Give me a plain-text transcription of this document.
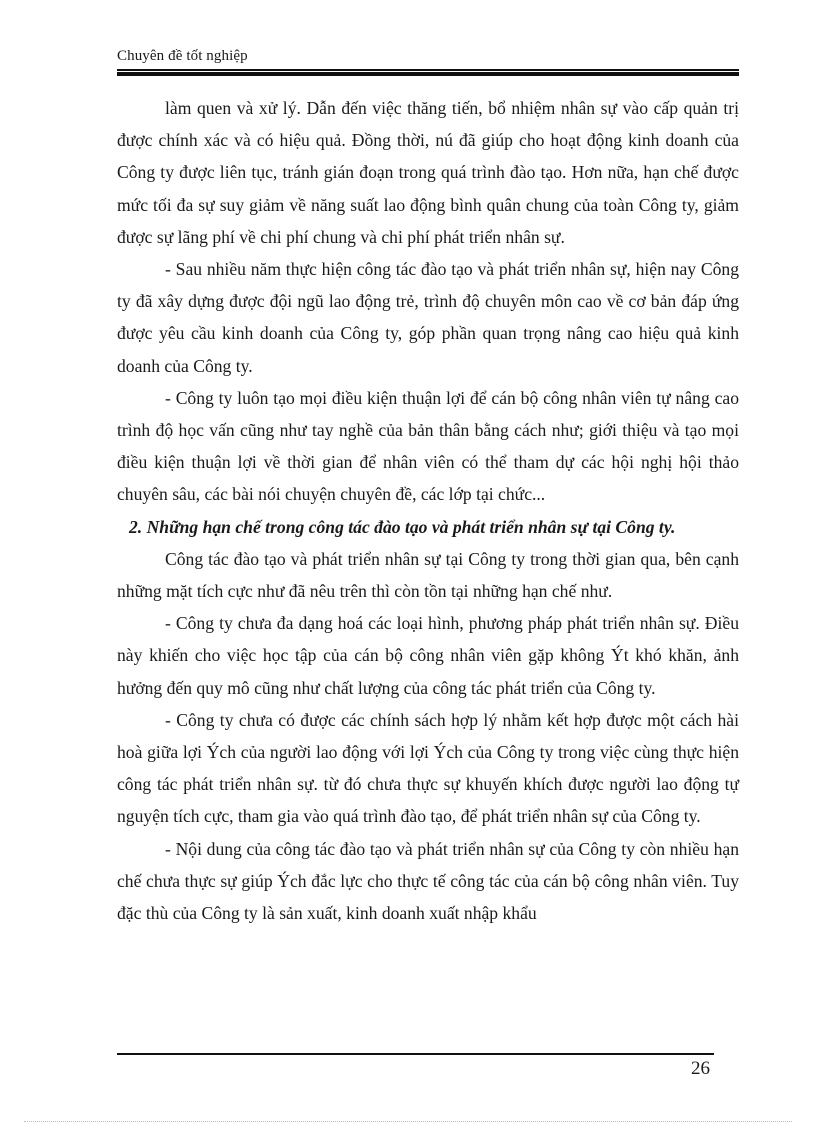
Chuyên đề tốt nghiệp

làm quen và xử lý. Dẫn đến việc thăng tiến, bổ nhiệm nhân sự vào cấp quản trị được chính xác và có hiệu quả. Đồng thời, nú đã giúp cho hoạt động kinh doanh của Công ty được liên tục, tránh gián đoạn trong quá trình đào tạo. Hơn nữa, hạn chế được mức tối đa sự suy giảm về năng suất lao động bình quân chung của toàn Công ty, giảm được sự lãng phí về chi phí chung và chi phí phát triển nhân sự.

- Sau nhiều năm thực hiện công tác đào tạo và phát triển nhân sự, hiện nay Công ty đã xây dựng được đội ngũ lao động trẻ, trình độ chuyên môn cao về cơ bản đáp ứng được yêu cầu kinh doanh của Công ty, góp phần quan trọng nâng cao hiệu quả kinh doanh của Công ty.

- Công ty luôn tạo mọi điều kiện thuận lợi để cán bộ công nhân viên tự nâng cao trình độ học vấn cũng như tay nghề của bản thân bằng cách như; giới thiệu và tạo mọi điều kiện thuận lợi về thời gian để nhân viên có thể tham dự các hội nghị hội thảo chuyên sâu, các bài nói chuyện chuyên đề, các lớp tại chức...

2. Những hạn chế trong công tác đào tạo và phát triển nhân sự tại Công ty.

Công tác đào tạo và phát triển nhân sự tại Công ty trong thời gian qua, bên cạnh những mặt tích cực như đã nêu trên thì còn tồn tại những hạn chế như.

- Công ty chưa đa dạng hoá các loại hình, phương pháp phát triển nhân sự. Điều này khiến cho việc học tập của cán bộ công nhân viên gặp không Ýt khó khăn, ảnh hưởng đến quy mô cũng như chất lượng của công tác phát triển của Công ty.

- Công ty chưa có được các chính sách hợp lý nhằm kết hợp được một cách hài hoà giữa lợi Ých của người lao động với lợi Ých của Công ty trong việc cùng thực hiện công tác phát triển nhân sự. từ đó chưa thực sự khuyến khích được người lao động tự nguyện tích cực, tham gia vào quá trình đào tạo, để phát triển nhân sự của Công ty.

- Nội dung của công tác đào tạo và phát triển nhân sự của Công ty còn nhiều hạn chế chưa thực sự giúp Ých đắc lực cho thực tế công tác của cán bộ công nhân viên. Tuy đặc thù của Công ty là sản xuất, kinh doanh xuất nhập khẩu

26
